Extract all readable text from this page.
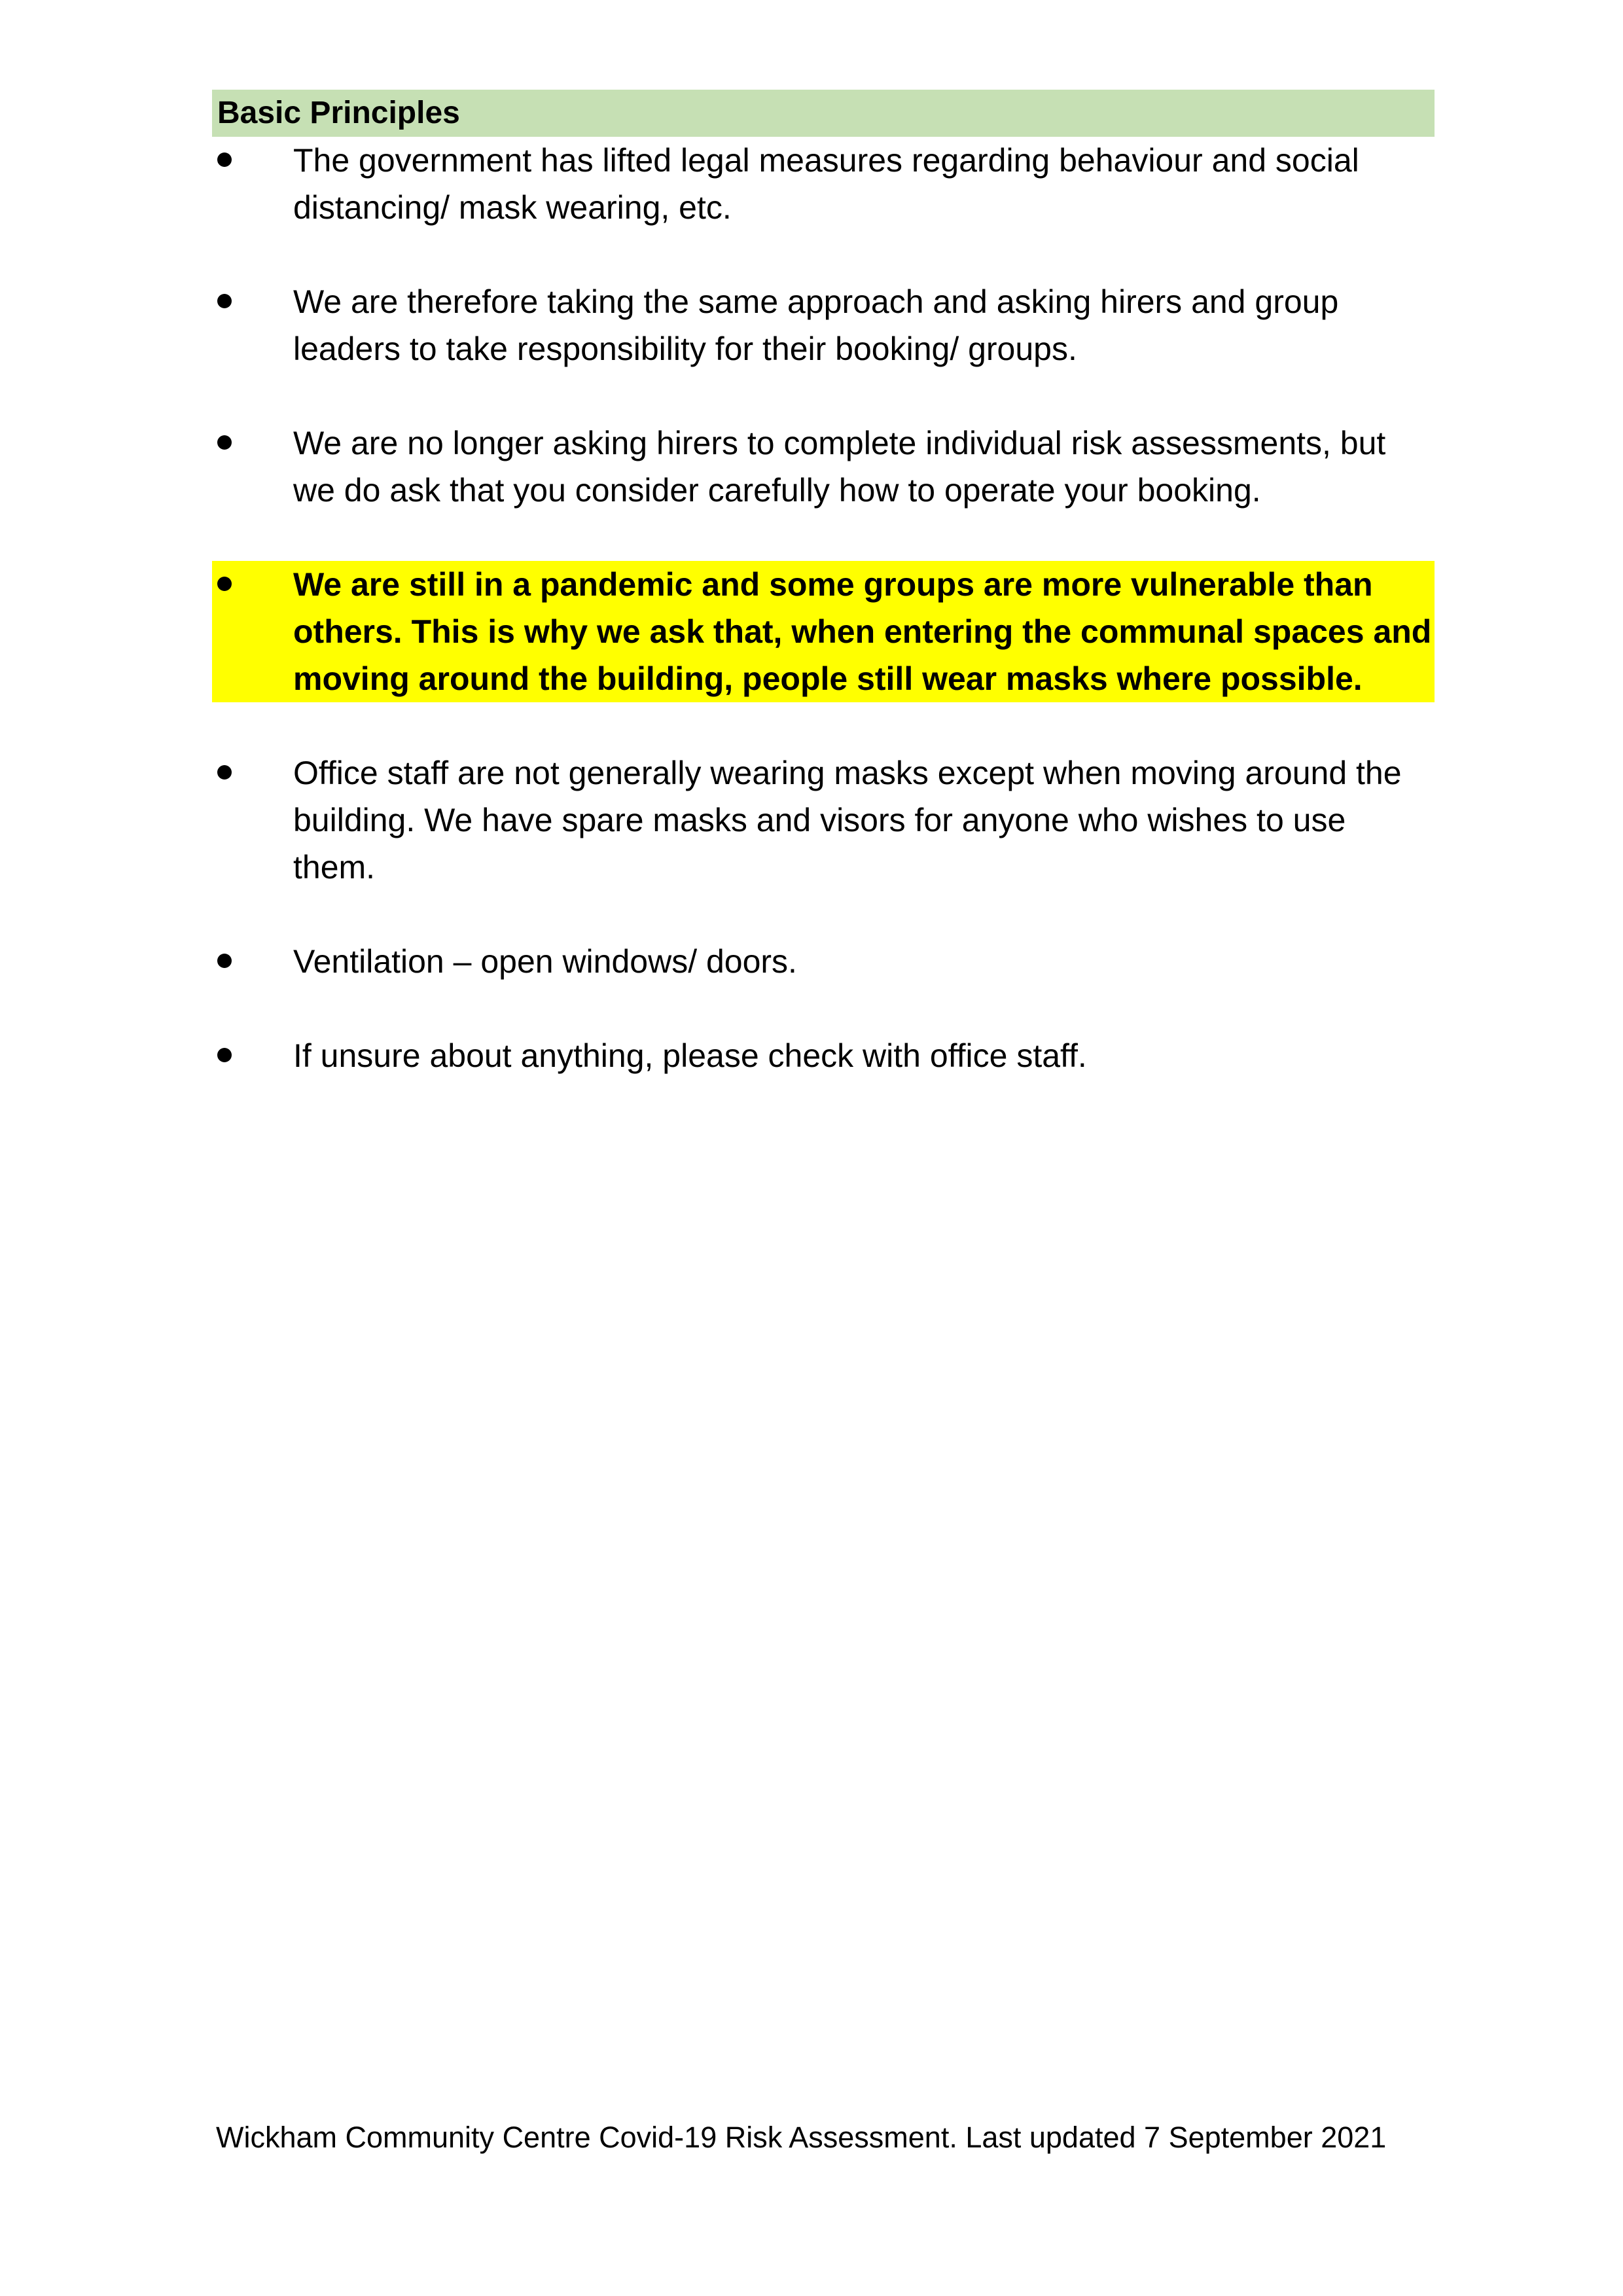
Basic Principles
The government has lifted legal measures regarding behaviour and social distancing/ mask wearing, etc.
We are therefore taking the same approach and asking hirers and group leaders to take responsibility for their booking/ groups.
We are no longer asking hirers to complete individual risk assessments, but we do ask that you consider carefully how to operate your booking.
We are still in a pandemic and some groups are more vulnerable than others. This is why we ask that, when entering the communal spaces and moving around the building, people still wear masks where possible.
Office staff are not generally wearing masks except when moving around the building. We have spare masks and visors for anyone who wishes to use them.
Ventilation – open windows/ doors.
If unsure about anything, please check with office staff.
Wickham Community Centre Covid-19 Risk Assessment. Last updated 7 September 2021
